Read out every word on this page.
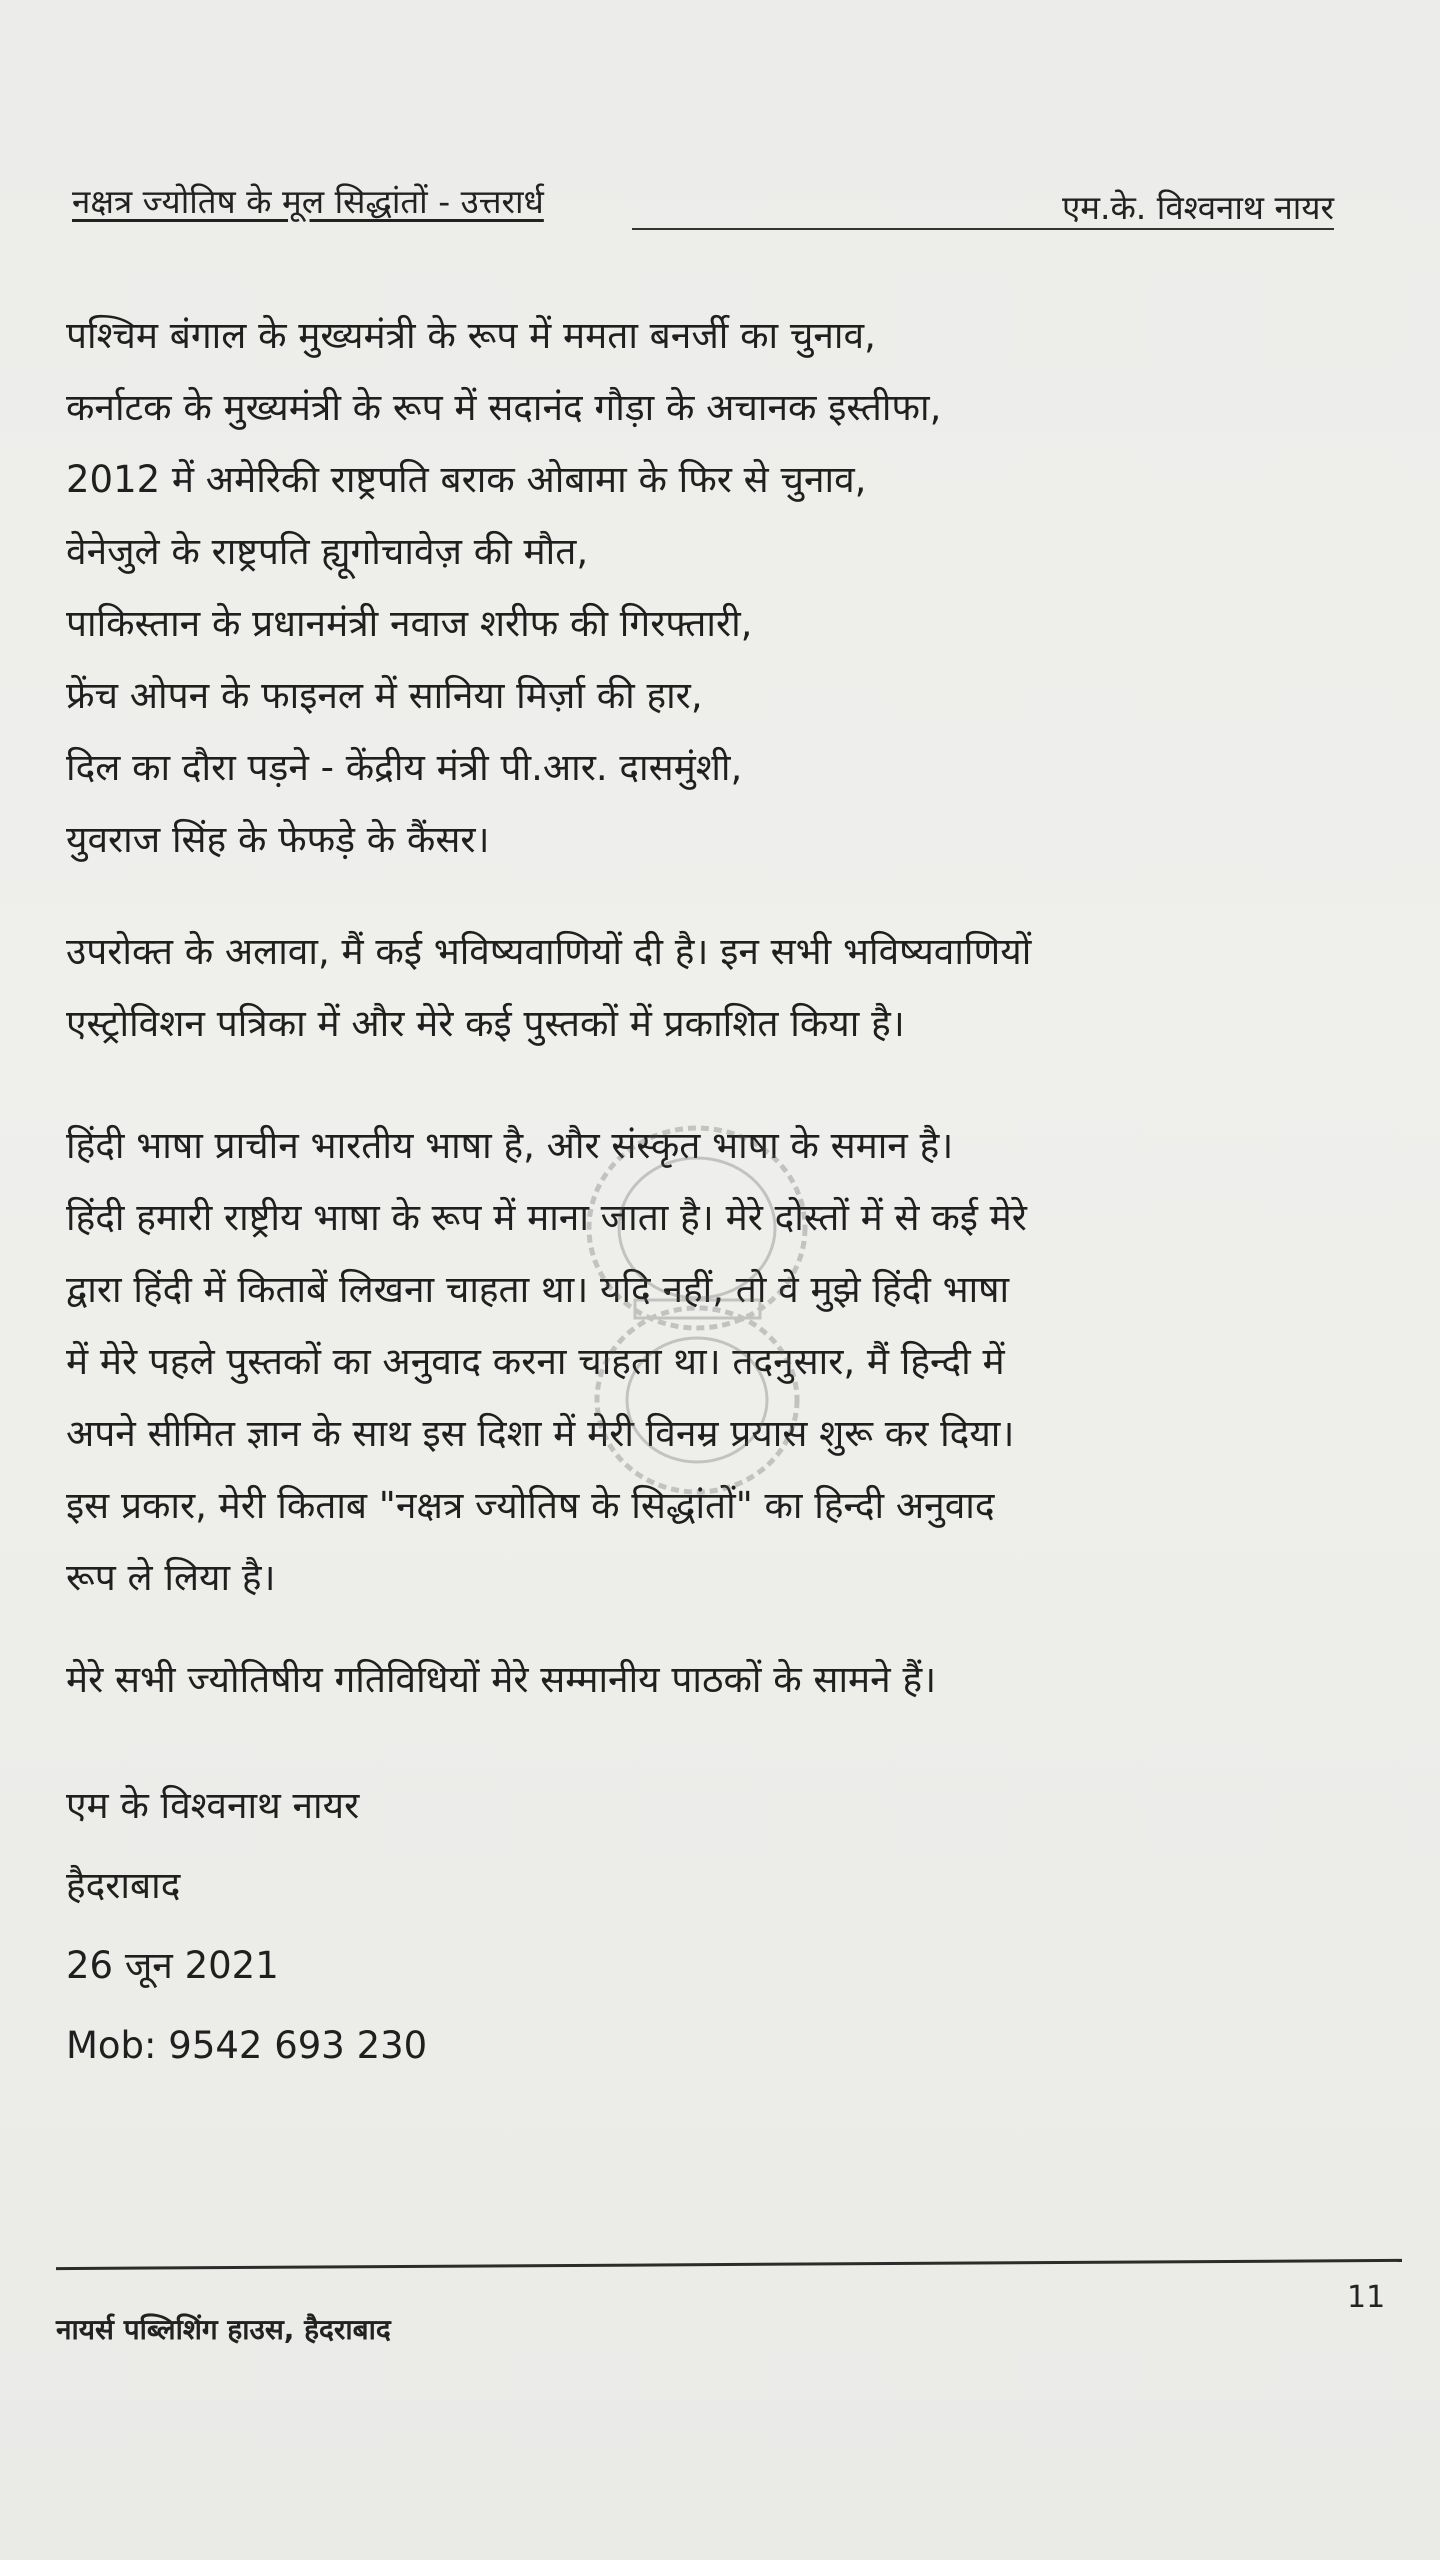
नक्षत्र ज्योतिष के मूल सिद्धांतों - उत्तरार्ध	एम.के. विश्वनाथ नायर
पश्चिम बंगाल के मुख्यमंत्री के रूप में ममता बनर्जी का चुनाव,
कर्नाटक के मुख्यमंत्री के रूप में सदानंद गौड़ा के अचानक इस्तीफा,
2012 में अमेरिकी राष्ट्रपति बराक ओबामा के फिर से चुनाव,
वेनेजुले के राष्ट्रपति ह्यूगोचावेज़ की मौत,
पाकिस्तान के प्रधानमंत्री नवाज शरीफ की गिरफ्तारी,
फ्रेंच ओपन के फाइनल में सानिया मिर्ज़ा की हार,
दिल का दौरा पड़ने - केंद्रीय मंत्री पी.आर. दासमुंशी,
युवराज सिंह के फेफड़े के कैंसर।
उपरोक्त के अलावा, मैं कई भविष्यवाणियों दी है। इन सभी भविष्यवाणियों
एस्ट्रोविशन पत्रिका में और मेरे कई पुस्तकों में प्रकाशित किया है।
हिंदी भाषा प्राचीन भारतीय भाषा है, और संस्कृत भाषा के समान है।
हिंदी हमारी राष्ट्रीय भाषा के रूप में माना जाता है। मेरे दोस्तों में से कई मेरे
द्वारा हिंदी में किताबें लिखना चाहता था। यदि नहीं, तो वे मुझे हिंदी भाषा
में मेरे पहले पुस्तकों का अनुवाद करना चाहता था। तदनुसार, मैं हिन्दी में
अपने सीमित ज्ञान के साथ इस दिशा में मेरी विनम्र प्रयास शुरू कर दिया।
इस प्रकार, मेरी किताब "नक्षत्र ज्योतिष के सिद्धांतों" का हिन्दी अनुवाद
रूप ले लिया है।
मेरे सभी ज्योतिषीय गतिविधियों मेरे सम्मानीय पाठकों के सामने हैं।
एम के विश्वनाथ नायर
हैदराबाद
26 जून 2021
Mob: 9542 693 230
नायर्स पब्लिशिंग हाउस, हैदराबाद
11
